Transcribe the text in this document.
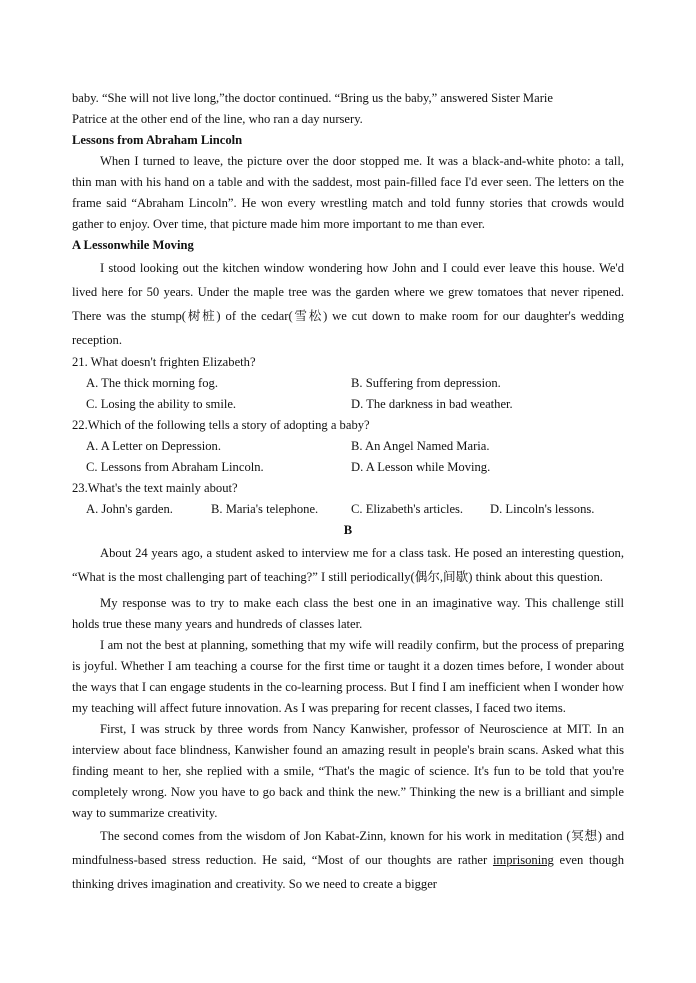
baby. “She will not live long,”the doctor continued. “Bring us the baby,” answered Sister Marie

Patrice at the other end of the line, who ran a day nursery.

Lessons from Abraham Lincoln

When I turned to leave, the picture over the door stopped me. It was a black-and-white photo: a tall, thin man with his hand on a table and with the saddest, most pain-filled face I'd ever seen. The letters on the frame said “Abraham Lincoln”. He won every wrestling match and told funny stories that crowds would gather to enjoy. Over time, that picture made him more important to me than ever.

A Lessonwhile Moving

I stood looking out the kitchen window wondering how John and I could ever leave this house. We'd lived here for 50 years. Under the maple tree was the garden where we grew tomatoes that never ripened. There was the stump(树桩) of the cedar(雪松) we cut down to make room for our daughter's wedding reception.

21. What doesn't frighten Elizabeth?

A. The thick morning fog.	B. Suffering from depression.
C. Losing the ability to smile.	D. The darkness in bad weather.

22.Which of the following tells a story of adopting a baby?

A. A Letter on Depression.	B. An Angel Named Maria.
C. Lessons from Abraham Lincoln.	D. A Lesson while Moving.

23.What's the text mainly about?

A. John's garden.	B. Maria's telephone.	C. Elizabeth's articles.	D. Lincoln's lessons.

B

About 24 years ago, a student asked to interview me for a class task. He posed an interesting question, “What is the most challenging part of teaching?” I still periodically(偶尔,间歇) think about this question.

My response was to try to make each class the best one in an imaginative way. This challenge still holds true these many years and hundreds of classes later.

I am not the best at planning, something that my wife will readily confirm, but the process of preparing is joyful. Whether I am teaching a course for the first time or taught it a dozen times before, I wonder about the ways that I can engage students in the co-learning process. But I find I am inefficient when I wonder how my teaching will affect future innovation. As I was preparing for recent classes, I faced two items.

First, I was struck by three words from Nancy Kanwisher, professor of Neuroscience at MIT. In an interview about face blindness, Kanwisher found an amazing result in people's brain scans. Asked what this finding meant to her, she replied with a smile, “That's the magic of science. It's fun to be told that you're completely wrong. Now you have to go back and think the new.” Thinking the new is a brilliant and simple way to summarize creativity.

The second comes from the wisdom of Jon Kabat-Zinn, known for his work in meditation (冥想) and mindfulness-based stress reduction. He said, “Most of our thoughts are rather imprisoning even though thinking drives imagination and creativity. So we need to create a bigger
